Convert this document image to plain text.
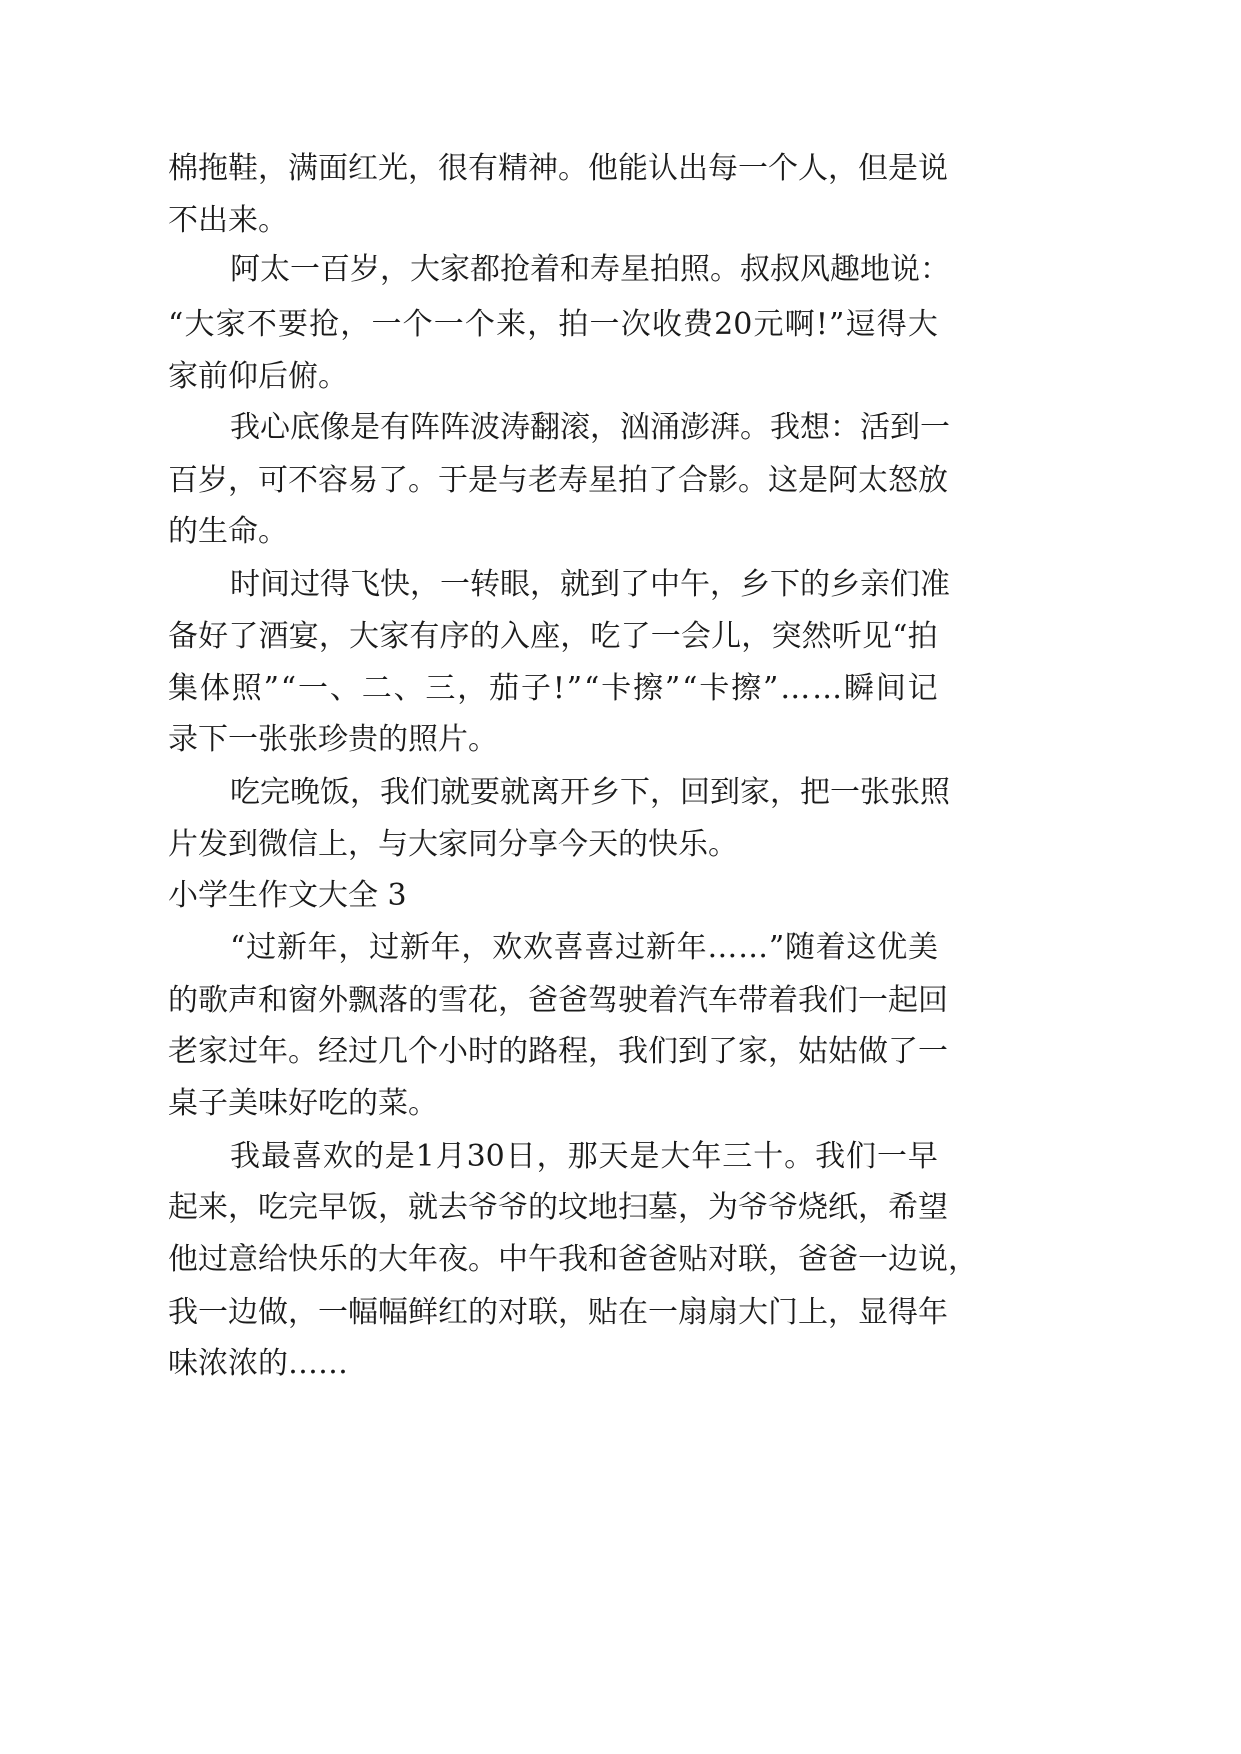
棉 拖 鞋 ， 满 面 红 光 ， 很 有 精 神 。 他 能 认 出 每 一 个 人 ， 但 是 说
不出来。
阿 太 一 百 岁 ， 大 家 都 抢 着 和 寿 星 拍 照 。 叔 叔 风 趣 地 说 ：
“ 大 家 不 要 抢 ， 一 个 一 个 来 ， 拍 一 次 收 费 20 元 啊 ! ” 逗 得 大
家前仰后俯。
我 心 底 像 是 有 阵 阵 波 涛 翻 滚 ， 汹 涌 澎 湃 。 我 想 ： 活 到 一
百 岁 ， 可 不 容 易 了 。 于 是 与 老 寿 星 拍 了 合 影 。 这 是 阿 太 怒 放
的生命。
时 间 过 得 飞 快 ， 一 转 眼 ， 就 到 了 中 午 ， 乡 下 的 乡 亲 们 准
备 好 了 酒 宴 ， 大 家 有 序 的 入 座 ， 吃 了 一 会 儿 ， 突 然 听 见 “ 拍
集 体 照 ” “ 一 、 二 、 三 ， 茄 子 ! ” “ 卡 擦 ” “ 卡 擦 ” … … 瞬 间 记
录下一张张珍贵的照片。
吃 完 晚 饭 ， 我 们 就 要 就 离 开 乡 下 ， 回 到 家 ， 把 一 张 张 照
片发到微信上，与大家同分享今天的快乐。
小学生作文大全 3
“ 过 新 年 ， 过 新 年 ， 欢 欢 喜 喜 过 新 年 … … ” 随 着 这 优 美
的 歌 声 和 窗 外 飘 落 的 雪 花 ， 爸 爸 驾 驶 着 汽 车 带 着 我 们 一 起 回
老 家 过 年 。 经 过 几 个 小 时 的 路 程 ， 我 们 到 了 家 ， 姑 姑 做 了 一
桌子美味好吃的菜。
我 最 喜 欢 的 是 1 月 30 日 ， 那 天 是 大 年 三 十 。 我 们 一 早
起 来 ， 吃 完 早 饭 ， 就 去 爷 爷 的 坟 地 扫 墓 ， 为 爷 爷 烧 纸 ， 希 望
他 过 意 给 快 乐 的 大 年 夜 。 中 午 我 和 爸 爸 贴 对 联 ， 爸 爸 一 边 说 ，
我 一 边 做 ， 一 幅 幅 鲜 红 的 对 联 ， 贴 在 一 扇 扇 大 门 上 ， 显 得 年
味浓浓的……
